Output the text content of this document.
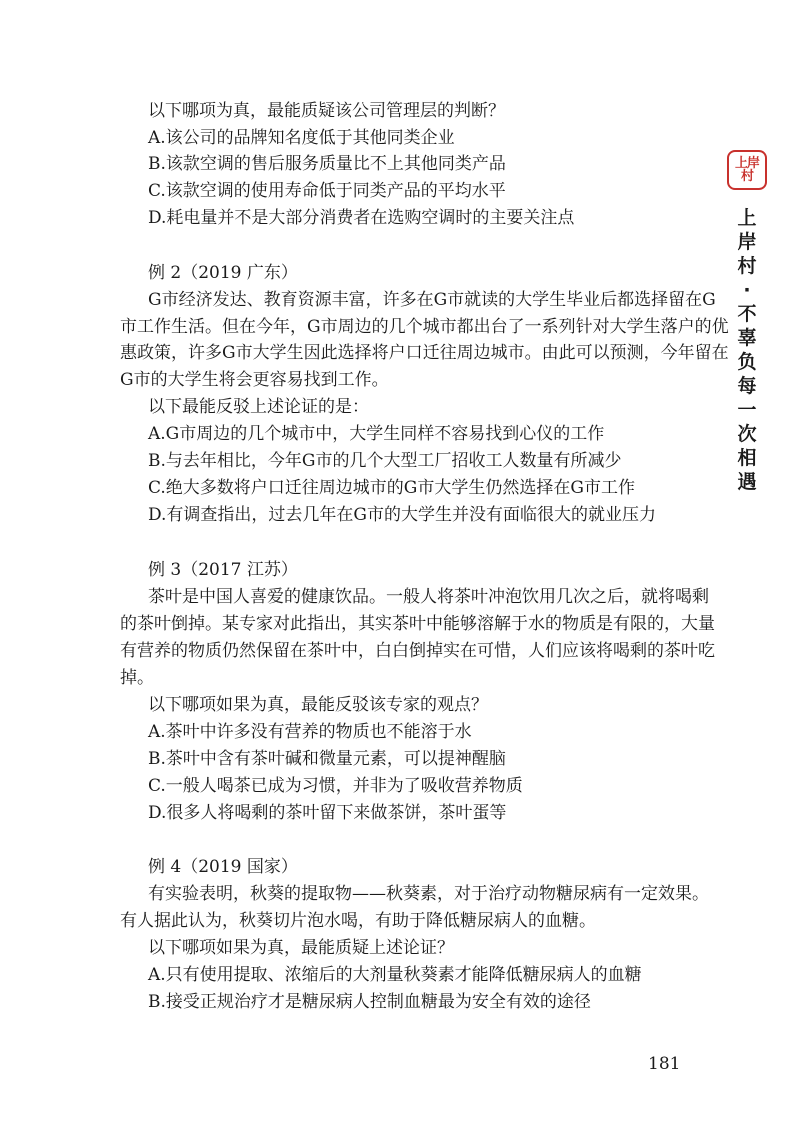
以下哪项为真，最能质疑该公司管理层的判断？
A.该公司的品牌知名度低于其他同类企业
B.该款空调的售后服务质量比不上其他同类产品
C.该款空调的使用寿命低于同类产品的平均水平
D.耗电量并不是大部分消费者在选购空调时的主要关注点
例 2（2019 广东）
G市经济发达、教育资源丰富，许多在G市就读的大学生毕业后都选择留在G
市工作生活。但在今年，G市周边的几个城市都出台了一系列针对大学生落户的优
惠政策，许多G市大学生因此选择将户口迁往周边城市。由此可以预测，今年留在
G市的大学生将会更容易找到工作。
以下最能反驳上述论证的是：
A.G市周边的几个城市中，大学生同样不容易找到心仪的工作
B.与去年相比，今年G市的几个大型工厂招收工人数量有所减少
C.绝大多数将户口迁往周边城市的G市大学生仍然选择在G市工作
D.有调查指出，过去几年在G市的大学生并没有面临很大的就业压力
例 3（2017 江苏）
茶叶是中国人喜爱的健康饮品。一般人将茶叶冲泡饮用几次之后，就将喝剩
的茶叶倒掉。某专家对此指出，其实茶叶中能够溶解于水的物质是有限的，大量
有营养的物质仍然保留在茶叶中，白白倒掉实在可惜，人们应该将喝剩的茶叶吃
掉。
以下哪项如果为真，最能反驳该专家的观点？
A.茶叶中许多没有营养的物质也不能溶于水
B.茶叶中含有茶叶碱和微量元素，可以提神醒脑
C.一般人喝茶已成为习惯，并非为了吸收营养物质
D.很多人将喝剩的茶叶留下来做茶饼，茶叶蛋等
例 4（2019 国家）
有实验表明，秋葵的提取物——秋葵素，对于治疗动物糖尿病有一定效果。
有人据此认为，秋葵切片泡水喝，有助于降低糖尿病人的血糖。
以下哪项如果为真，最能质疑上述论证？
A.只有使用提取、浓缩后的大剂量秋葵素才能降低糖尿病人的血糖
B.接受正规治疗才是糖尿病人控制血糖最为安全有效的途径
上岸村
上岸村·不辜负每一次相遇
181
